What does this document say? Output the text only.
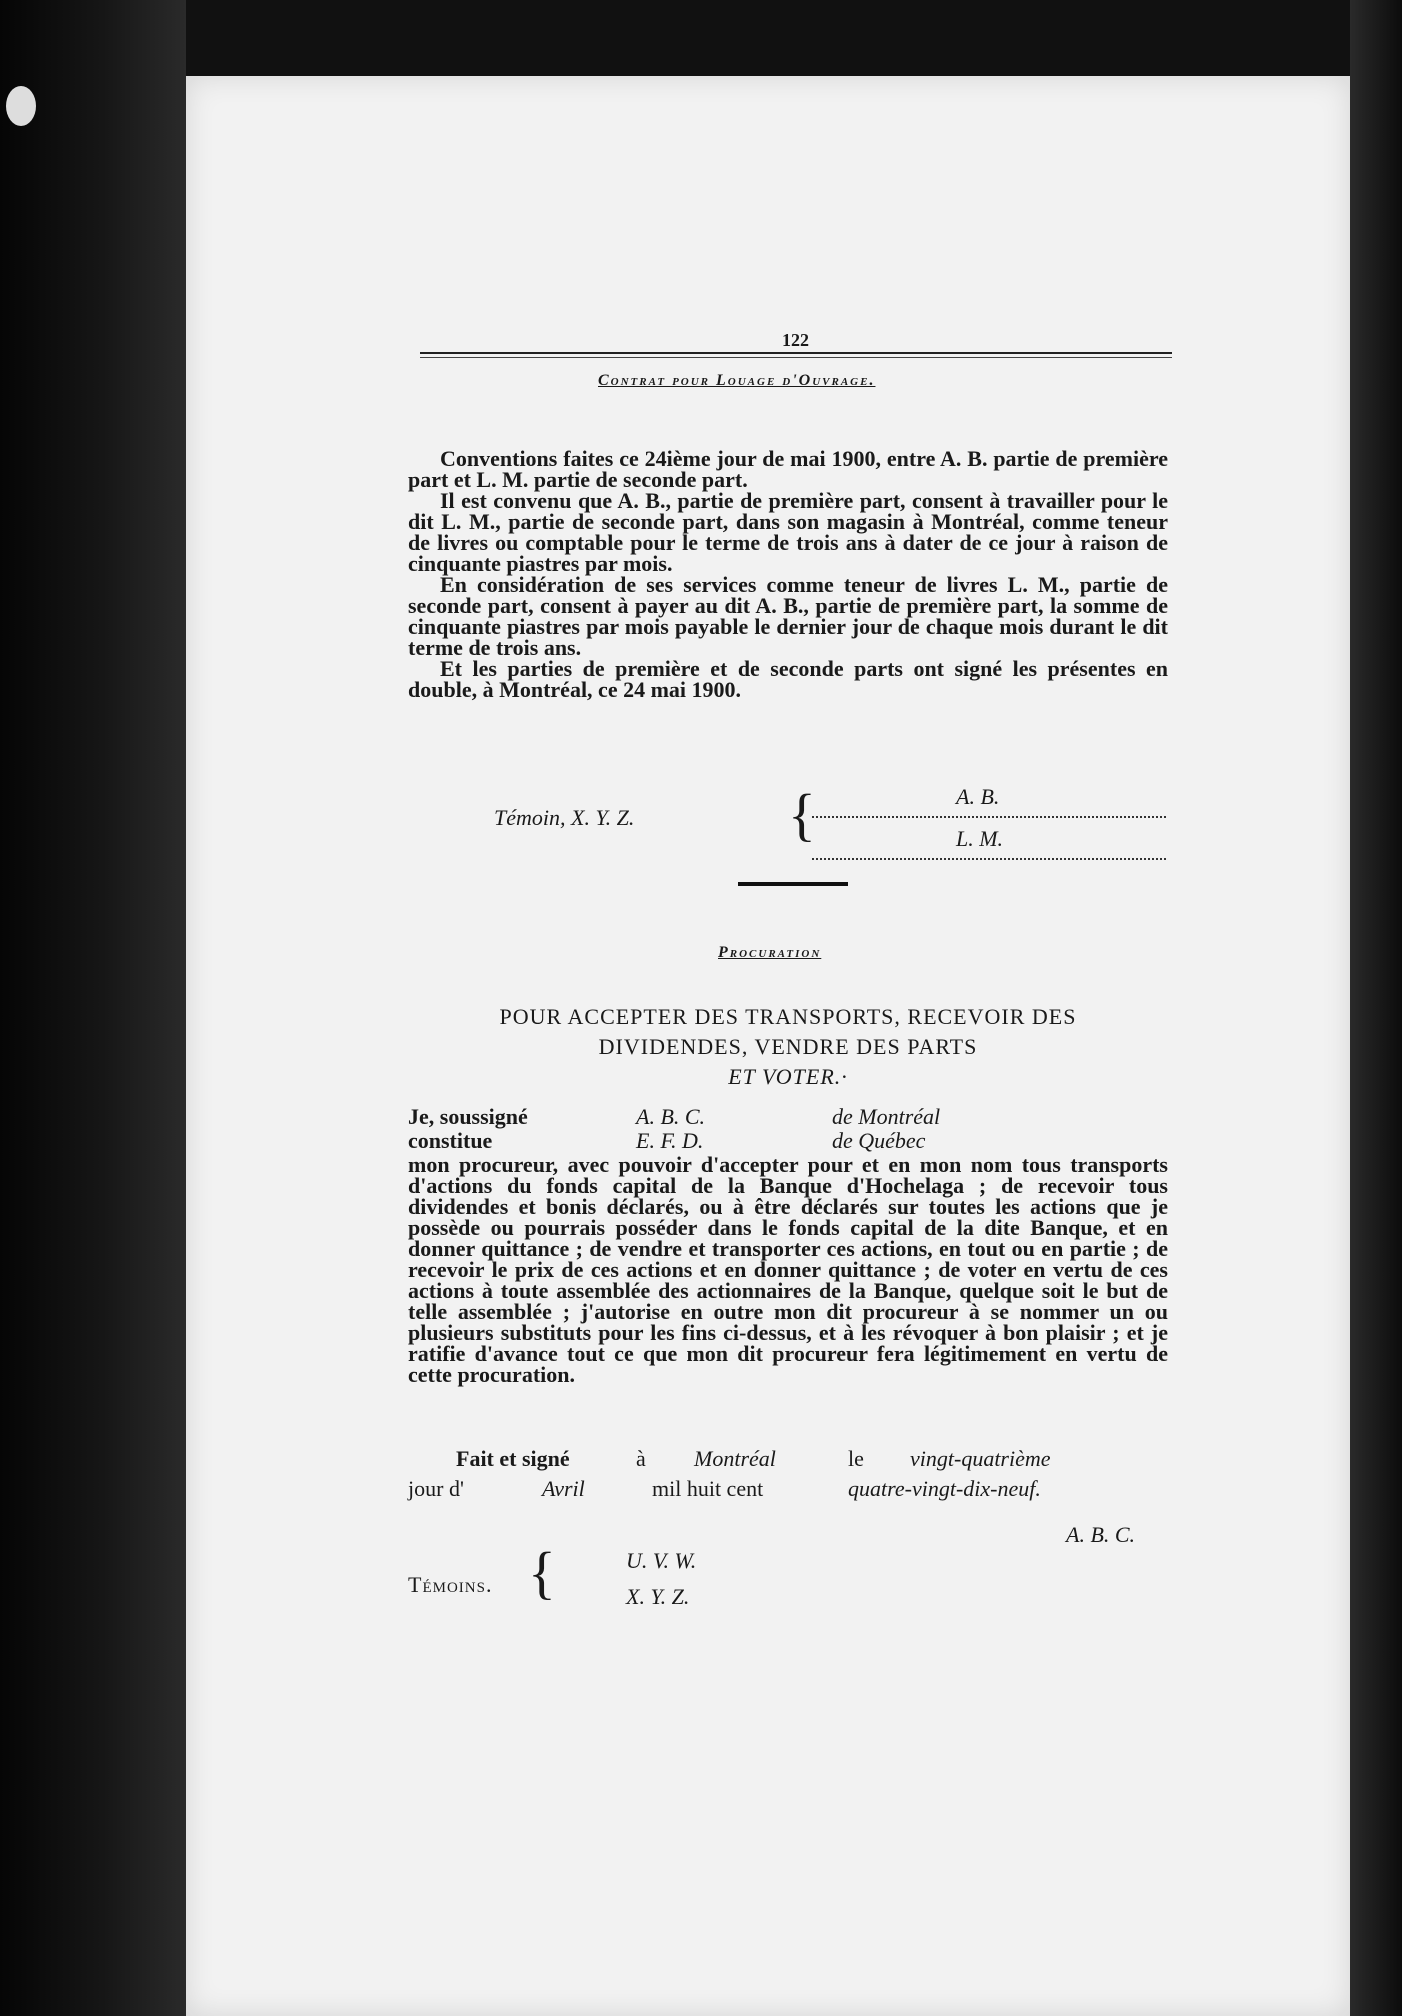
122
Contrat pour Louage d'Ouvrage.

Conventions faites ce 24ième jour de mai 1900, entre A. B. partie de première part et L. M. partie de seconde part.

Il est convenu que A. B., partie de première part, consent à travailler pour le dit L. M., partie de seconde part, dans son magasin à Montréal, comme teneur de livres ou comptable pour le terme de trois ans à dater de ce jour à raison de cinquante piastres par mois.

En considération de ses services comme teneur de livres L. M., partie de seconde part, consent à payer au dit A. B., partie de première part, la somme de cinquante piastres par mois payable le dernier jour de chaque mois durant le dit terme de trois ans.

Et les parties de première et de seconde parts ont signé les présentes en double, à Montréal, ce 24 mai 1900.

Témoin, X. Y. Z.	{	A. B.
L. M.
Procuration
POUR ACCEPTER DES TRANSPORTS, RECEVOIR DES
DIVIDENDES, VENDRE DES PARTS
ET VOTER.·
Je, soussigné	A. B. C.	de Montréal
constitue	E. F. D.	de Québec
mon procureur, avec pouvoir d'accepter pour et en mon nom tous transports d'actions du fonds capital de la Banque d'Hochelaga ; de recevoir tous dividendes et bonis déclarés, ou à être déclarés sur toutes les actions que je possède ou pourrais posséder dans le fonds capital de la dite Banque, et en donner quittance ; de vendre et transporter ces actions, en tout ou en partie ; de recevoir le prix de ces actions et en donner quittance ; de voter en vertu de ces actions à toute assemblée des actionnaires de la Banque, quelque soit le but de telle assemblée ; j'autorise en outre mon dit procureur à se nommer un ou plusieurs substituts pour les fins ci-dessus, et à les révoquer à bon plaisir ; et je ratifie d'avance tout ce que mon dit procureur fera légitimement en vertu de cette procuration.
Fait et signé	à Montréal	le vingt-quatrième
jour d'	Avril	mil huit cent	quatre-vingt-dix-neuf.
A. B. C.
Témoins. {	U. V. W.
X. Y. Z.
